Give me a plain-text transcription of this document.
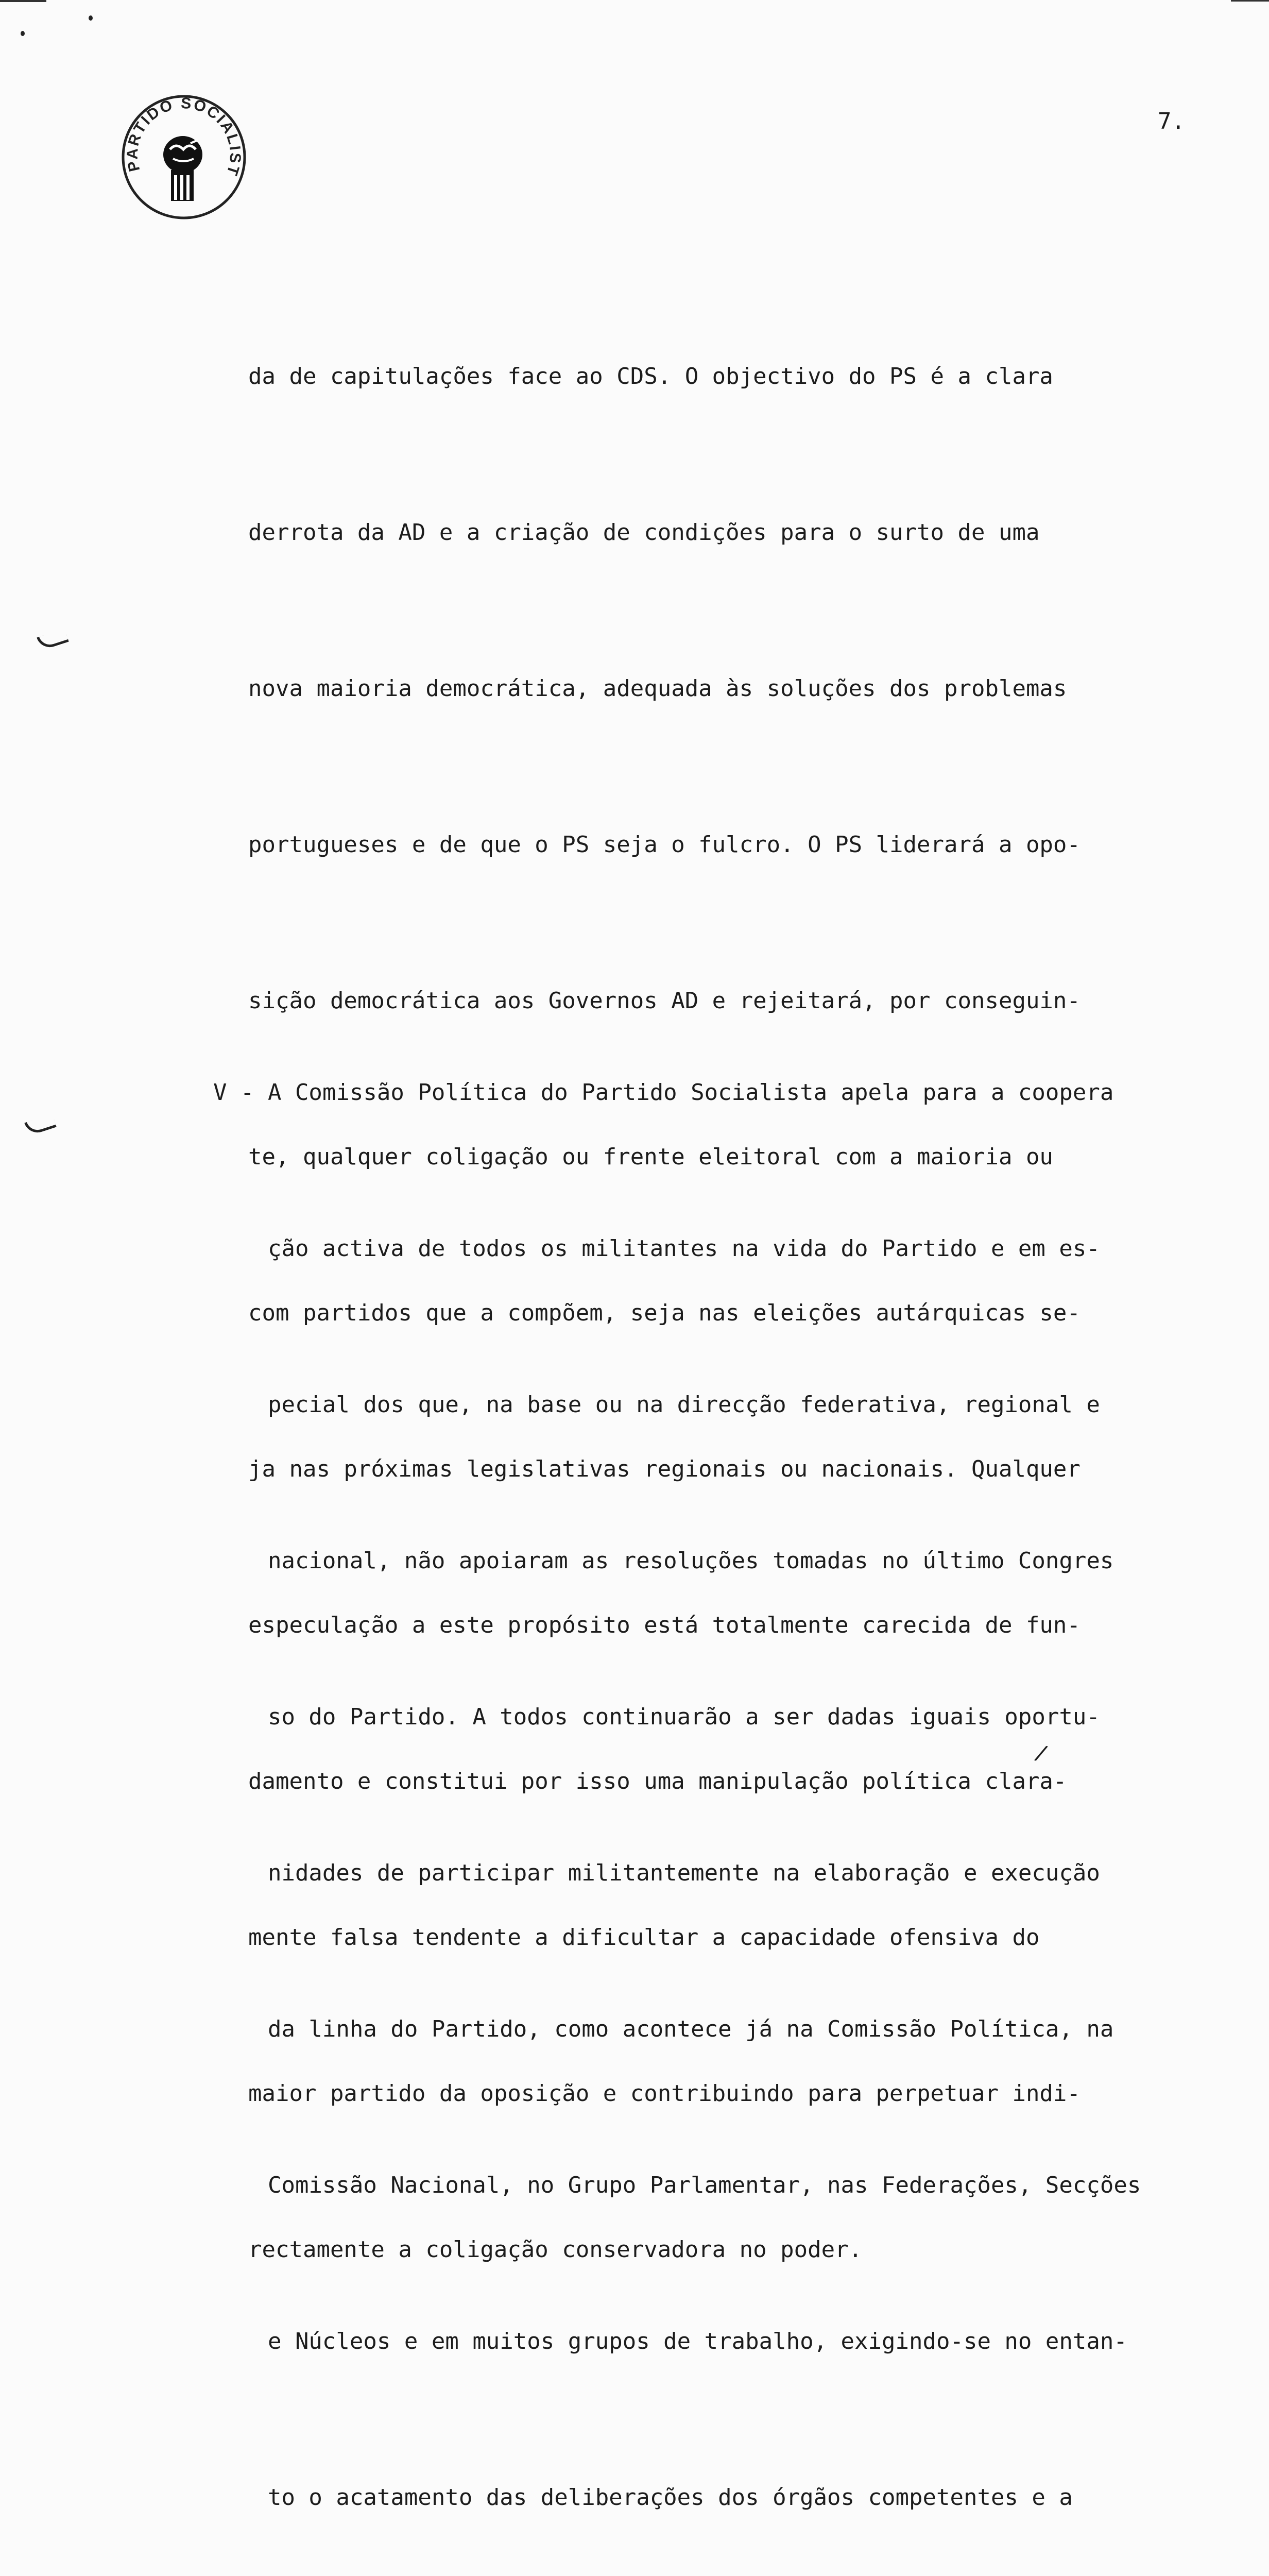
PARTIDO SOCIALIST
7.

da de capitulações face ao CDS. O objectivo do PS é a clara

derrota da AD e a criação de condições para o surto de uma

nova maioria democrática, adequada às soluções dos problemas

portugueses e de que o PS seja o fulcro. O PS liderará a opo-

sição democrática aos Governos AD e rejeitará, por conseguin-

te, qualquer coligação ou frente eleitoral com a maioria ou

com partidos que a compõem, seja nas eleições autárquicas se-

ja nas próximas legislativas regionais ou nacionais. Qualquer

especulação a este propósito está totalmente carecida de fun-

damento e constitui por isso uma manipulação política clara-

mente falsa tendente a dificultar a capacidade ofensiva do

maior partido da oposição e contribuindo para perpetuar indi-

rectamente a coligação conservadora no poder.

V - A Comissão Política do Partido Socialista apela para a coopera

ção activa de todos os militantes na vida do Partido e em es-

pecial dos que, na base ou na direcção federativa, regional e

nacional, não apoiaram as resoluções tomadas no último Congres

so do Partido. A todos continuarão a ser dadas iguais oportu-

nidades de participar militantemente na elaboração e execução

da linha do Partido, como acontece já na Comissão Política, na

Comissão Nacional, no Grupo Parlamentar, nas Federações, Secções

e Núcleos e em muitos grupos de trabalho, exigindo-se no entan-

to o acatamento das deliberações dos órgãos competentes e a

/
